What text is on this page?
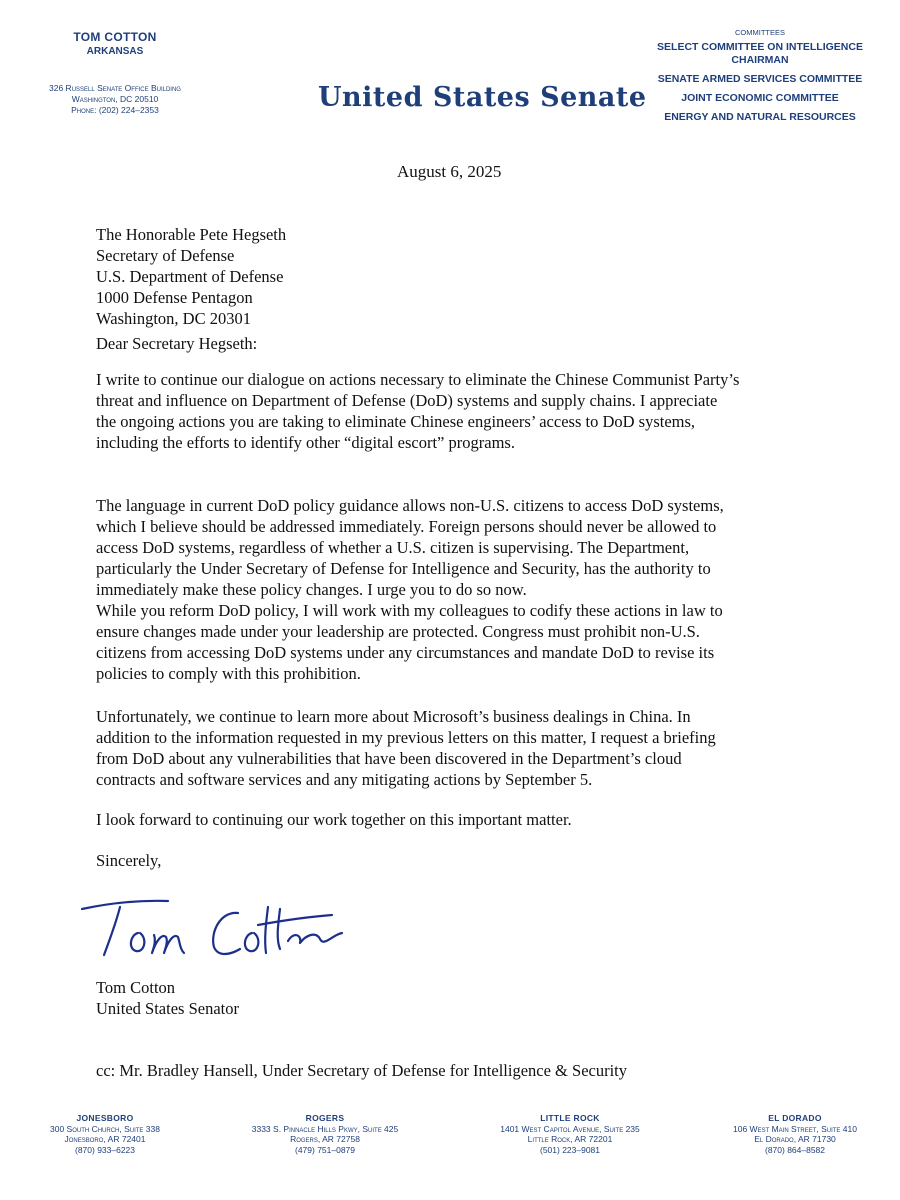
TOM COTTON
ARKANSAS
326 Russell Senate Office Building
Washington, DC 20510
Phone: (202) 224–2353	United States Senate
COMMITTEES
SELECT COMMITTEE ON INTELLIGENCE
CHAIRMAN
SENATE ARMED SERVICES COMMITTEE
JOINT ECONOMIC COMMITTEE
ENERGY AND NATURAL RESOURCES
August 6, 2025

The Honorable Pete Hegseth

Secretary of Defense

U.S. Department of Defense

1000 Defense Pentagon

Washington, DC 20301

Dear Secretary Hegseth:

I write to continue our dialogue on actions necessary to eliminate the Chinese Communist Party’s

threat and influence on Department of Defense (DoD) systems and supply chains. I appreciate

the ongoing actions you are taking to eliminate Chinese engineers’ access to DoD systems,

including the efforts to identify other “digital escort” programs.

The language in current DoD policy guidance allows non-U.S. citizens to access DoD systems,

which I believe should be addressed immediately. Foreign persons should never be allowed to

access DoD systems, regardless of whether a U.S. citizen is supervising. The Department,

particularly the Under Secretary of Defense for Intelligence and Security, has the authority to

immediately make these policy changes. I urge you to do so now.

While you reform DoD policy, I will work with my colleagues to codify these actions in law to

ensure changes made under your leadership are protected. Congress must prohibit non-U.S.

citizens from accessing DoD systems under any circumstances and mandate DoD to revise its

policies to comply with this prohibition.

Unfortunately, we continue to learn more about Microsoft’s business dealings in China. In

addition to the information requested in my previous letters on this matter, I request a briefing

from DoD about any vulnerabilities that have been discovered in the Department’s cloud

contracts and software services and any mitigating actions by September 5.

I look forward to continuing our work together on this important matter.

Sincerely,

Tom Cotton

United States Senator

cc: Mr. Bradley Hansell, Under Secretary of Defense for Intelligence & Security
JONESBORO
300 South Church, Suite 338
Jonesboro, AR 72401
(870) 933–6223
ROGERS
3333 S. Pinnacle Hills Pkwy, Suite 425
Rogers, AR 72758
(479) 751–0879
LITTLE ROCK
1401 West Capitol Avenue, Suite 235
Little Rock, AR 72201
(501) 223–9081
EL DORADO
106 West Main Street, Suite 410
El Dorado, AR 71730
(870) 864–8582
